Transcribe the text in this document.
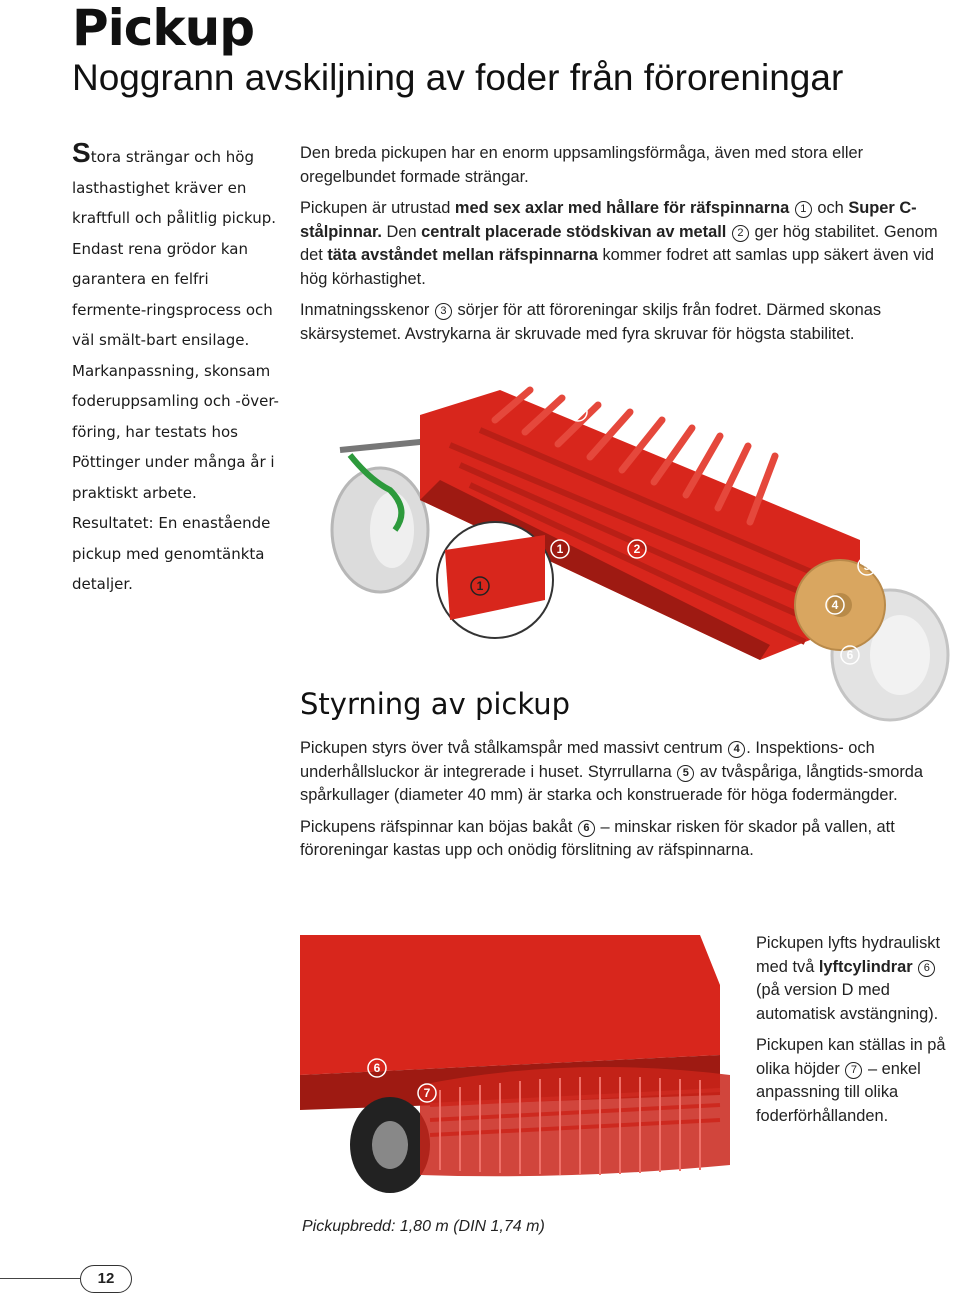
Pickup
Noggrann avskiljning av foder från föroreningar

Stora strängar och hög lasthastighet kräver en kraftfull och pålitlig pickup. Endast rena grödor kan garantera en felfri fermente-ringsprocess och väl smält-bart ensilage.

Markanpassning, skonsam foderuppsamling och -över-föring, har testats hos Pöttinger under många år i praktiskt arbete.

Resultatet: En enastående pickup med genomtänkta detaljer.

Den breda pickupen har en enorm uppsamlingsförmåga, även med stora eller oregelbundet formade strängar.

Pickupen är utrustad med sex axlar med hållare för räfspinnarna 1 och Super C-stålpinnar. Den centralt placerade stödskivan av metall 2 ger hög stabilitet. Genom det täta avståndet mellan räfspinnarna kommer fodret att samlas upp säkert även vid hög körhastighet.

Inmatningsskenor 3 sörjer för att föroreningar skiljs från fodret. Därmed skonas skärsystemet. Avstrykarna är skruvade med fyra skruvar för högsta stabilitet.

3
1	2
5
4
6
1
Styrning av pickup

Pickupen styrs över två stålkamspår med massivt centrum 4 . Inspektions- och underhållsluckor är integrerade i huset. Styrrullarna 5 av tvåspåriga, långtids-smorda spårkullager (diameter 40 mm) är starka och konstruerade för höga fodermängder.

Pickupens räfspinnar kan böjas bakåt 6 – minskar risken för skador på vallen, att föroreningar kastas upp och onödig förslitning av räfspinnarna.

6
7

Pickupen lyfts hydrauliskt med två lyftcylindrar 6 (på version D med automatisk avstängning).

Pickupen kan ställas in på olika höjder 7 – enkel anpassning till olika foderförhållanden.

Pickupbredd: 1,80 m (DIN 1,74 m)
12
